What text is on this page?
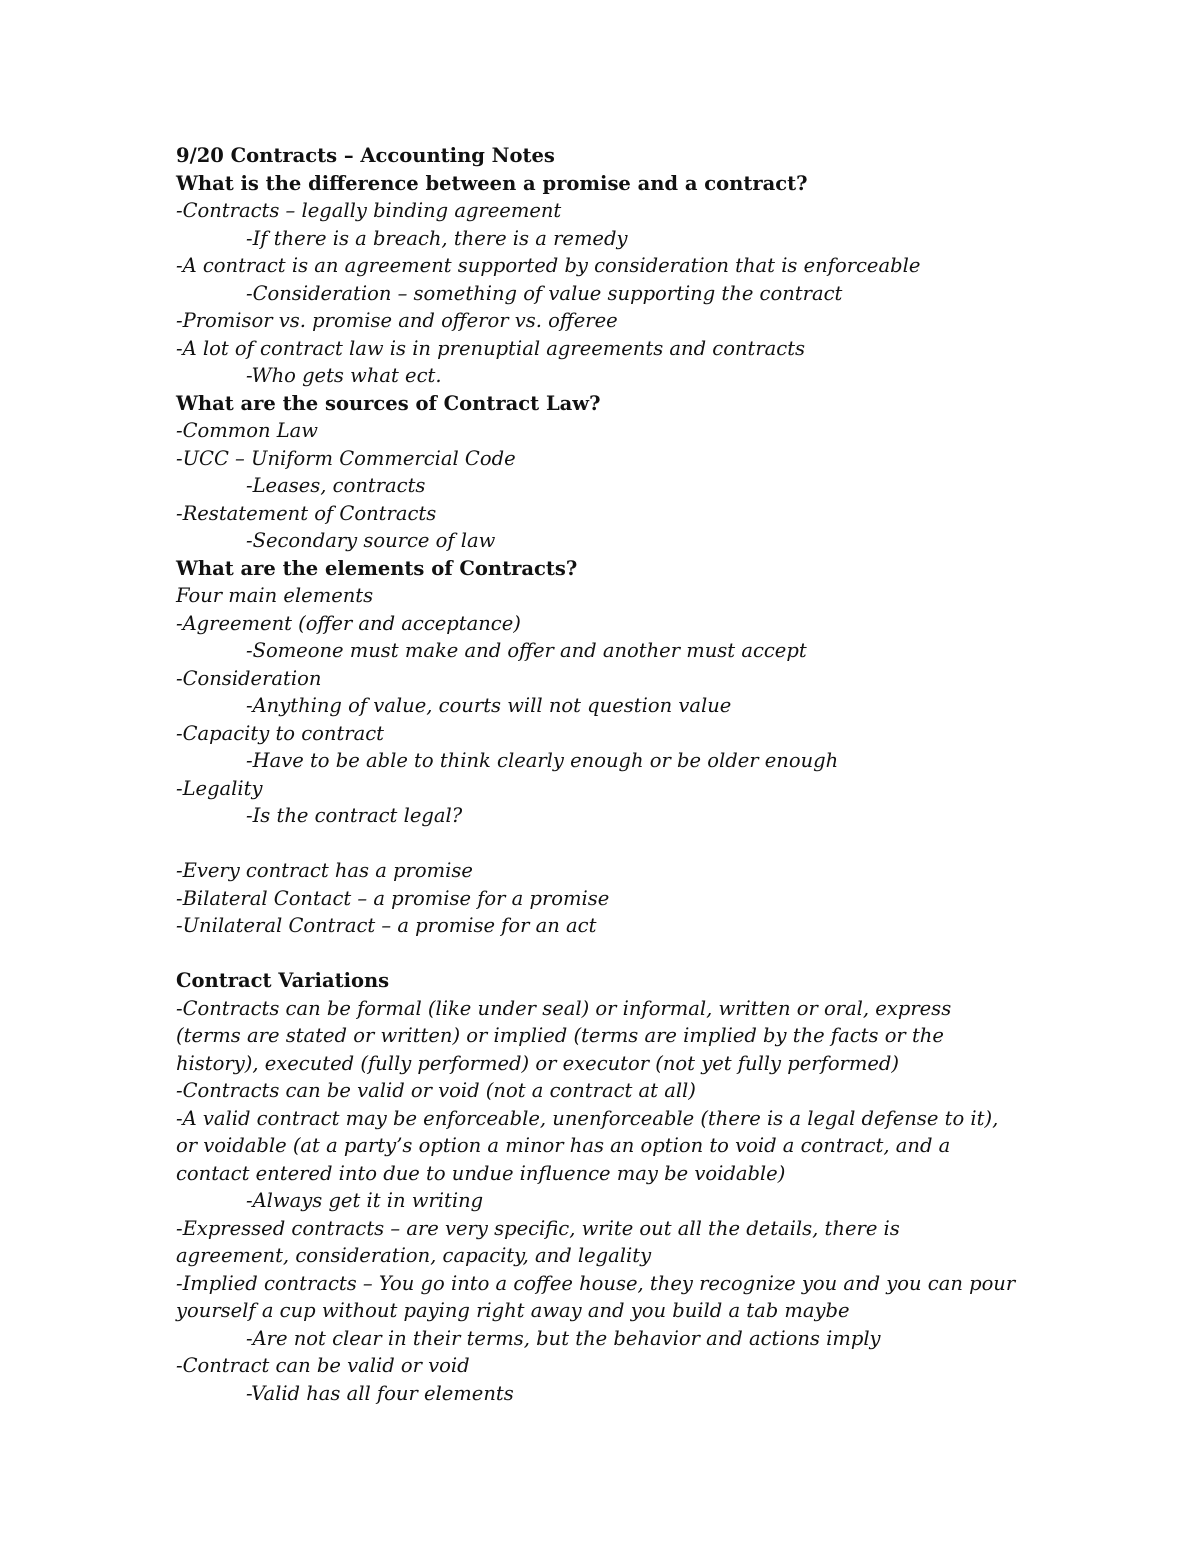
9/20 Contracts – Accounting Notes

What is the difference between a promise and a contract?

-Contracts – legally binding agreement

-If there is a breach, there is a remedy

-A contract is an agreement supported by consideration that is enforceable

-Consideration – something of value supporting the contract

-Promisor vs. promise and offeror vs. offeree

-A lot of contract law is in prenuptial agreements and contracts

-Who gets what ect.

What are the sources of Contract Law?

-Common Law

-UCC – Uniform Commercial Code

-Leases, contracts

-Restatement of Contracts

-Secondary source of law

What are the elements of Contracts?

Four main elements

-Agreement (offer and acceptance)

-Someone must make and offer and another must accept

-Consideration

-Anything of value, courts will not question value

-Capacity to contract

-Have to be able to think clearly enough or be older enough

-Legality

-Is the contract legal?

-Every contract has a promise

-Bilateral Contact – a promise for a promise

-Unilateral Contract – a promise for an act

Contract Variations

-Contracts can be formal (like under seal) or informal, written or oral, express (terms are stated or written) or implied (terms are implied by the facts or the history), executed (fully performed) or executor (not yet fully performed)

-Contracts can be valid or void (not a contract at all)

-A valid contract may be enforceable, unenforceable (there is a legal defense to it), or voidable (at a party’s option a minor has an option to void a contract, and a contact entered into due to undue influence may be voidable)

-Always get it in writing

-Expressed contracts – are very specific, write out all the details, there is agreement, consideration, capacity, and legality

-Implied contracts – You go into a coffee house, they recognize you and you can pour yourself a cup without paying right away and you build a tab maybe

-Are not clear in their terms, but the behavior and actions imply

-Contract can be valid or void

-Valid has all four elements
